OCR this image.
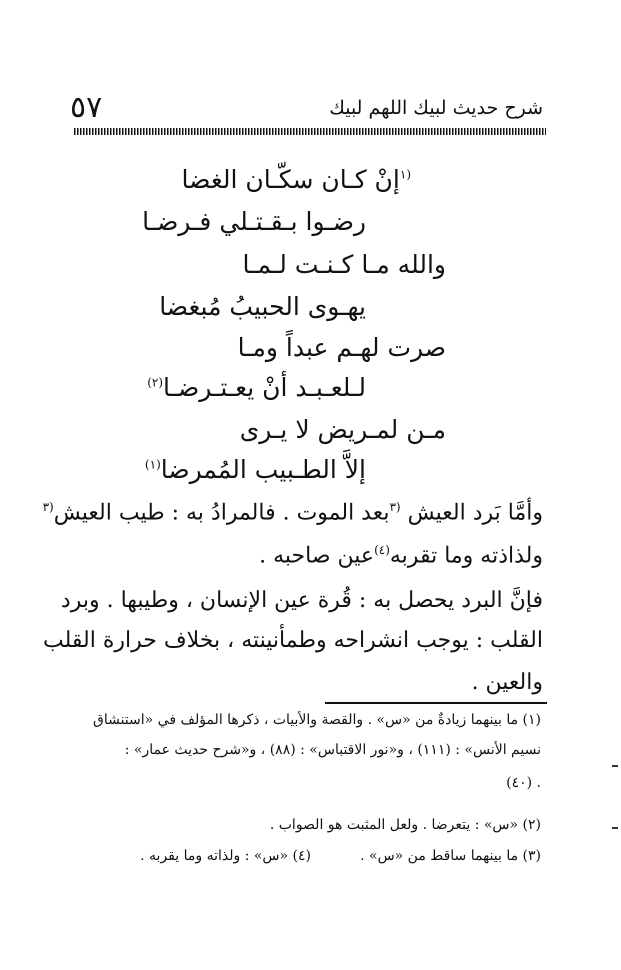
شرح حديث لبيك اللهم لبيك
٥٧
$^{(١}$إنْ كـان سكّـان الغضا
رضـوا بـقـتـلي فـرضـا
والله مـا كـنـت لـمـا
يهـوى الحبيبُ مُبغضا
صرت لهـم عبداً ومـا
لـلعـبـد أنْ يعـتـرضـا$^{(٢)}$
مـن لمـريض لا يـرى
إلاَّ الطـبيب المُمرضا$^{(١)}$
وأمَّا بَرد العيش $^{(٣}$بعد الموت . فالمرادُ به : طيب العيش$^{(٣}$
ولذاذته وما تقربه$^{(٤)}$عين صاحبه .
فإنَّ البرد يحصل به : قُرة عين الإنسان ، وطيبها . وبرد
القلب : يوجب انشراحه وطمأنينته ، بخلاف حرارة القلب
والعين .
(١) ما بينهما زيادةٌ من «س» . والقصة والأبيات ، ذكرها المؤلف في «استنشاق
نسيم الأنس» : (١١١) ، و«نور الاقتباس» : (٨٨) ، و«شرح حديث عمار» :
. (٤٠)
(٢) «س» : يتعرضا . ولعل المثبت هو الصواب .
(٣) ما بينهما ساقط من «س» .
(٤) «س» : ولذاته وما يقربه .
